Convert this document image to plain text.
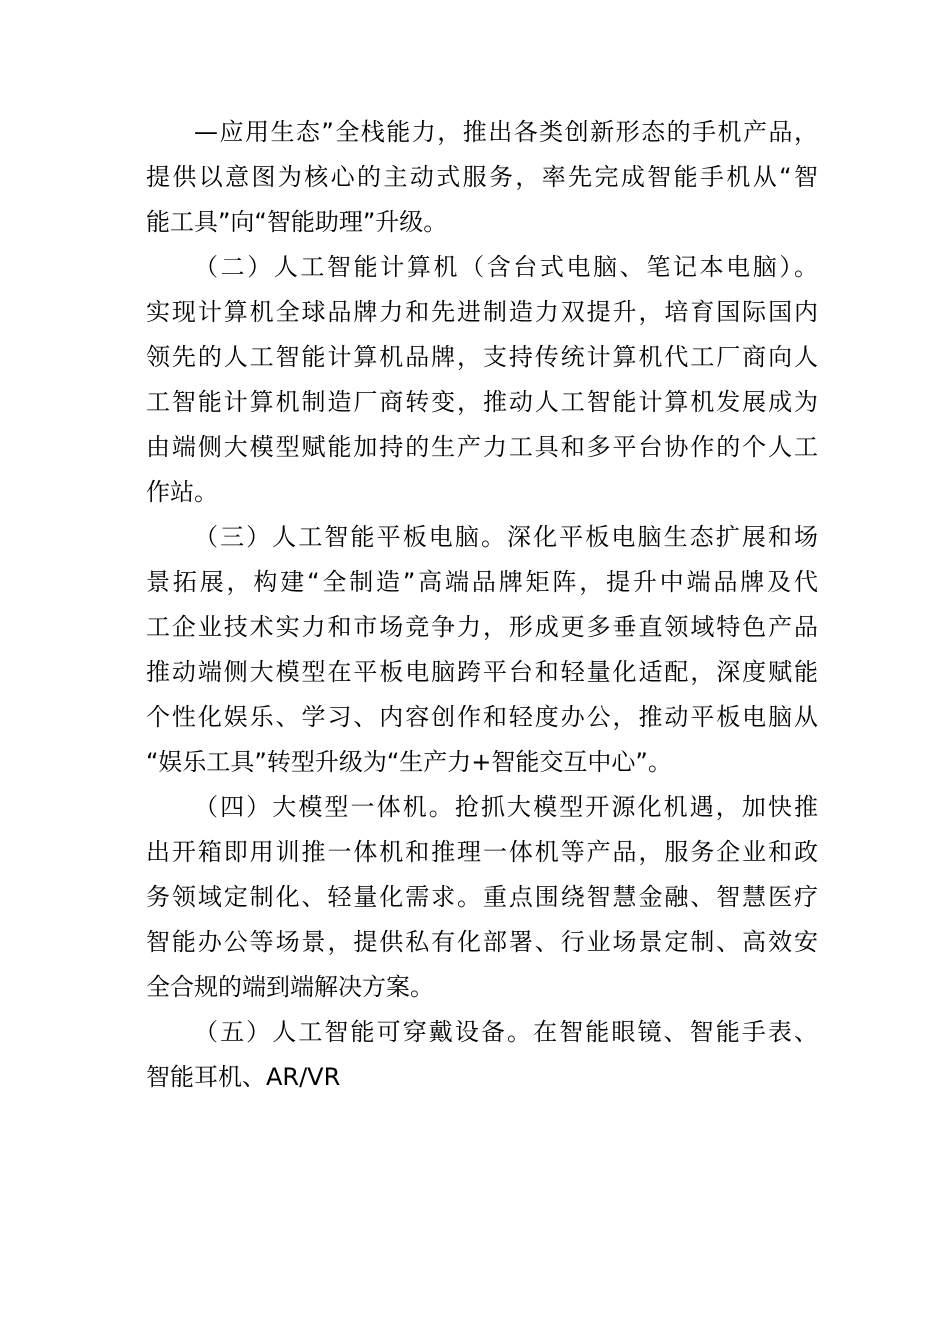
—应用生态”全栈能力，推出各类创新形态的手机产品，
提供以意图为核心的主动式服务，率先完成智能手机从“智
能工具”向“智能助理”升级。
（二）人工智能计算机（含台式电脑、笔记本电脑）。
实现计算机全球品牌力和先进制造力双提升，培育国际国内
领先的人工智能计算机品牌，支持传统计算机代工厂商向人
工智能计算机制造厂商转变，推动人工智能计算机发展成为
由端侧大模型赋能加持的生产力工具和多平台协作的个人工
作站。
（三）人工智能平板电脑。深化平板电脑生态扩展和场
景拓展，构建“全制造”高端品牌矩阵，提升中端品牌及代
工企业技术实力和市场竞争力，形成更多垂直领域特色产品
推动端侧大模型在平板电脑跨平台和轻量化适配，深度赋能
个性化娱乐、学习、内容创作和轻度办公，推动平板电脑从
“娱乐工具”转型升级为“生产力+智能交互中心”。
（四）大模型一体机。抢抓大模型开源化机遇，加快推
出开箱即用训推一体机和推理一体机等产品，服务企业和政
务领域定制化、轻量化需求。重点围绕智慧金融、智慧医疗
智能办公等场景，提供私有化部署、行业场景定制、高效安
全合规的端到端解决方案。
（五）人工智能可穿戴设备。在智能眼镜、智能手表、
智能耳机、AR/VR
